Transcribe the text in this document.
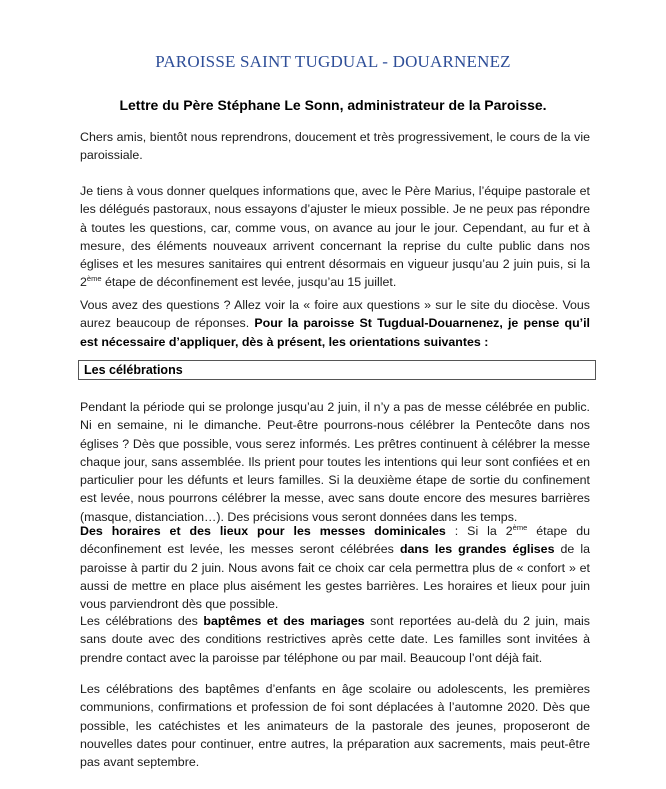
PAROISSE SAINT TUGDUAL - DOUARNENEZ
Lettre du Père Stéphane Le Sonn, administrateur de la Paroisse.

Chers amis, bientôt nous reprendrons, doucement et très progressivement, le cours de la vie paroissiale.

Je tiens à vous donner quelques informations que, avec le Père Marius, l’équipe pastorale et les délégués pastoraux, nous essayons d’ajuster le mieux possible. Je ne peux pas répondre à toutes les questions, car, comme vous, on avance au jour le jour. Cependant, au fur et à mesure, des éléments nouveaux arrivent concernant la reprise du culte public dans nos églises et les mesures sanitaires qui entrent désormais en vigueur jusqu’au 2 juin puis, si la 2ème étape de déconfinement est levée, jusqu’au 15 juillet.

Vous avez des questions ? Allez voir la « foire aux questions » sur le site du diocèse. Vous aurez beaucoup de réponses. Pour la paroisse St Tugdual-Douarnenez, je pense qu’il est nécessaire d’appliquer, dès à présent, les orientations suivantes :

Les célébrations

Pendant la période qui se prolonge jusqu’au 2 juin, il n’y a pas de messe célébrée en public. Ni en semaine, ni le dimanche. Peut-être pourrons-nous célébrer la Pentecôte dans nos églises ? Dès que possible, vous serez informés. Les prêtres continuent à célébrer la messe chaque jour, sans assemblée. Ils prient pour toutes les intentions qui leur sont confiées et en particulier pour les défunts et leurs familles. Si la deuxième étape de sortie du confinement est levée, nous pourrons célébrer la messe, avec sans doute encore des mesures barrières (masque, distanciation…). Des précisions vous seront données dans les temps.

Des horaires et des lieux pour les messes dominicales : Si la 2ème étape du déconfinement est levée, les messes seront célébrées dans les grandes églises de la paroisse à partir du 2 juin. Nous avons fait ce choix car cela permettra plus de « confort » et aussi de mettre en place plus aisément les gestes barrières. Les horaires et lieux pour juin vous parviendront dès que possible.

Les célébrations des baptêmes et des mariages sont reportées au-delà du 2 juin, mais sans doute avec des conditions restrictives après cette date. Les familles sont invitées à prendre contact avec la paroisse par téléphone ou par mail. Beaucoup l’ont déjà fait.

Les célébrations des baptêmes d’enfants en âge scolaire ou adolescents, les premières communions, confirmations et profession de foi sont déplacées à l’automne 2020. Dès que possible, les catéchistes et les animateurs de la pastorale des jeunes, proposeront de nouvelles dates pour continuer, entre autres, la préparation aux sacrements, mais peut-être pas avant septembre.
